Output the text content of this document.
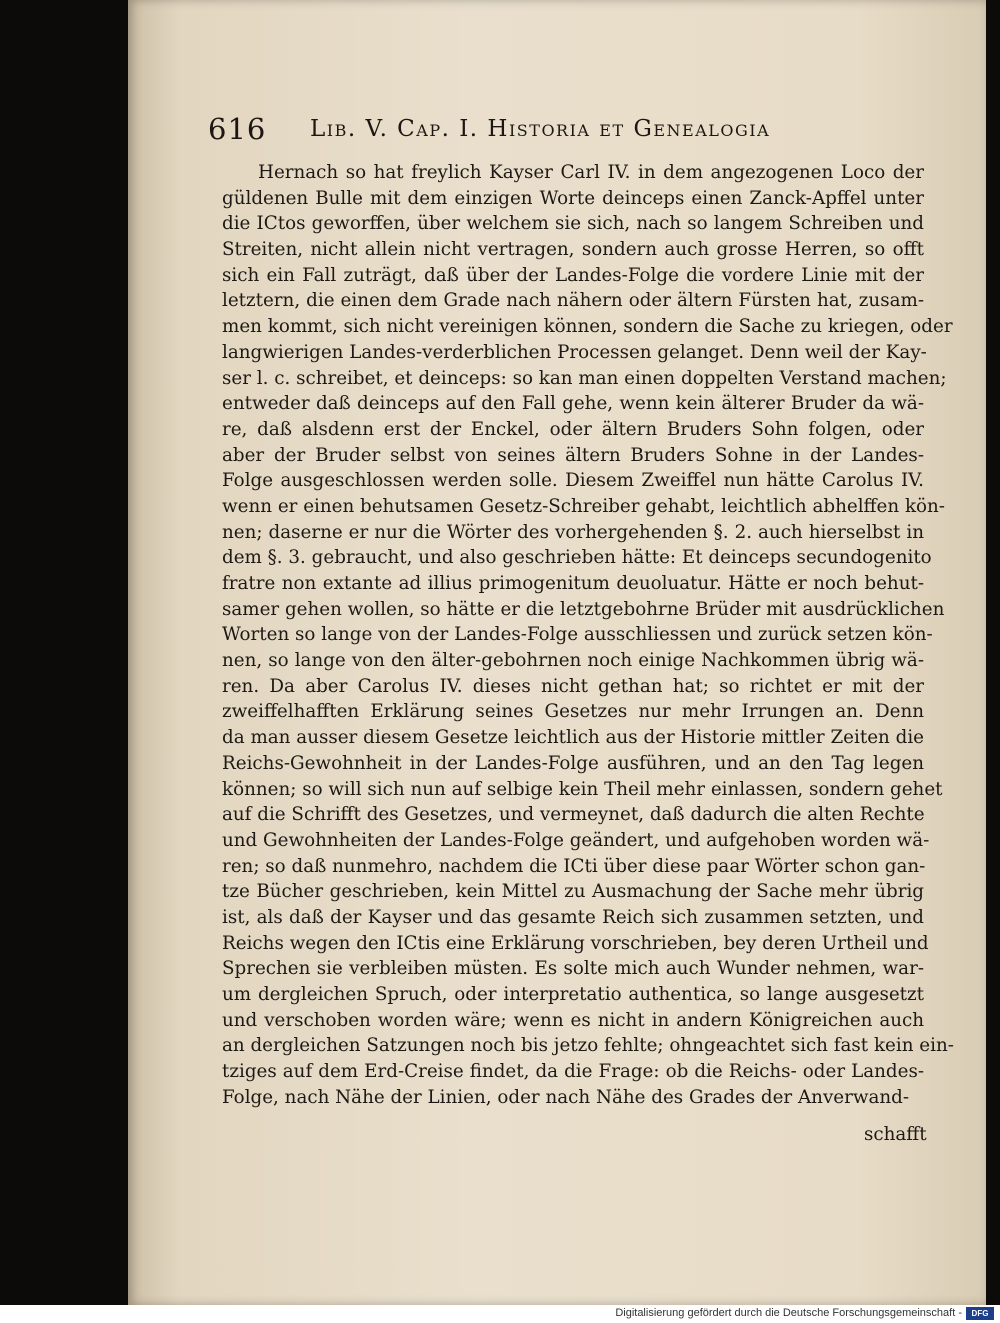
616 Lib. V. Cap. I. Historia et Genealogia
Hernach so hat freylich Kayser Carl IV. in dem angezogenen Loco der
güldenen Bulle mit dem einzigen Worte deinceps einen Zanck-Apffel unter
die ICtos geworffen, über welchem sie sich, nach so langem Schreiben und
Streiten, nicht allein nicht vertragen, sondern auch grosse Herren, so offt
sich ein Fall zuträgt, daß über der Landes-Folge die vordere Linie mit der
letztern, die einen dem Grade nach nähern oder ältern Fürsten hat, zusam-
men kommt, sich nicht vereinigen können, sondern die Sache zu kriegen, oder
langwierigen Landes-verderblichen Processen gelanget. Denn weil der Kay-
ser l. c. schreibet, et deinceps: so kan man einen doppelten Verstand machen;
entweder daß deinceps auf den Fall gehe, wenn kein älterer Bruder da wä-
re, daß alsdenn erst der Enckel, oder ältern Bruders Sohn folgen, oder
aber der Bruder selbst von seines ältern Bruders Sohne in der Landes-
Folge ausgeschlossen werden solle. Diesem Zweiffel nun hätte Carolus IV.
wenn er einen behutsamen Gesetz-Schreiber gehabt, leichtlich abhelffen kön-
nen; daserne er nur die Wörter des vorhergehenden §. 2. auch hierselbst in
dem §. 3. gebraucht, und also geschrieben hätte: Et deinceps secundogenito
fratre non extante ad illius primogenitum deuoluatur. Hätte er noch behut-
samer gehen wollen, so hätte er die letztgebohrne Brüder mit ausdrücklichen
Worten so lange von der Landes-Folge ausschliessen und zurück setzen kön-
nen, so lange von den älter-gebohrnen noch einige Nachkommen übrig wä-
ren. Da aber Carolus IV. dieses nicht gethan hat; so richtet er mit der
zweiffelhafften Erklärung seines Gesetzes nur mehr Irrungen an. Denn
da man ausser diesem Gesetze leichtlich aus der Historie mittler Zeiten die
Reichs-Gewohnheit in der Landes-Folge ausführen, und an den Tag legen
können; so will sich nun auf selbige kein Theil mehr einlassen, sondern gehet
auf die Schrifft des Gesetzes, und vermeynet, daß dadurch die alten Rechte
und Gewohnheiten der Landes-Folge geändert, und aufgehoben worden wä-
ren; so daß nunmehro, nachdem die ICti über diese paar Wörter schon gan-
tze Bücher geschrieben, kein Mittel zu Ausmachung der Sache mehr übrig
ist, als daß der Kayser und das gesamte Reich sich zusammen setzten, und
Reichs wegen den ICtis eine Erklärung vorschrieben, bey deren Urtheil und
Sprechen sie verbleiben müsten. Es solte mich auch Wunder nehmen, war-
um dergleichen Spruch, oder interpretatio authentica, so lange ausgesetzt
und verschoben worden wäre; wenn es nicht in andern Königreichen auch
an dergleichen Satzungen noch bis jetzo fehlte; ohngeachtet sich fast kein ein-
tziges auf dem Erd-Creise findet, da die Frage: ob die Reichs- oder Landes-
Folge, nach Nähe der Linien, oder nach Nähe des Grades der Anverwand-
schafft
Digitalisierung gefördert durch die Deutsche Forschungsgemeinschaft -	DFG
